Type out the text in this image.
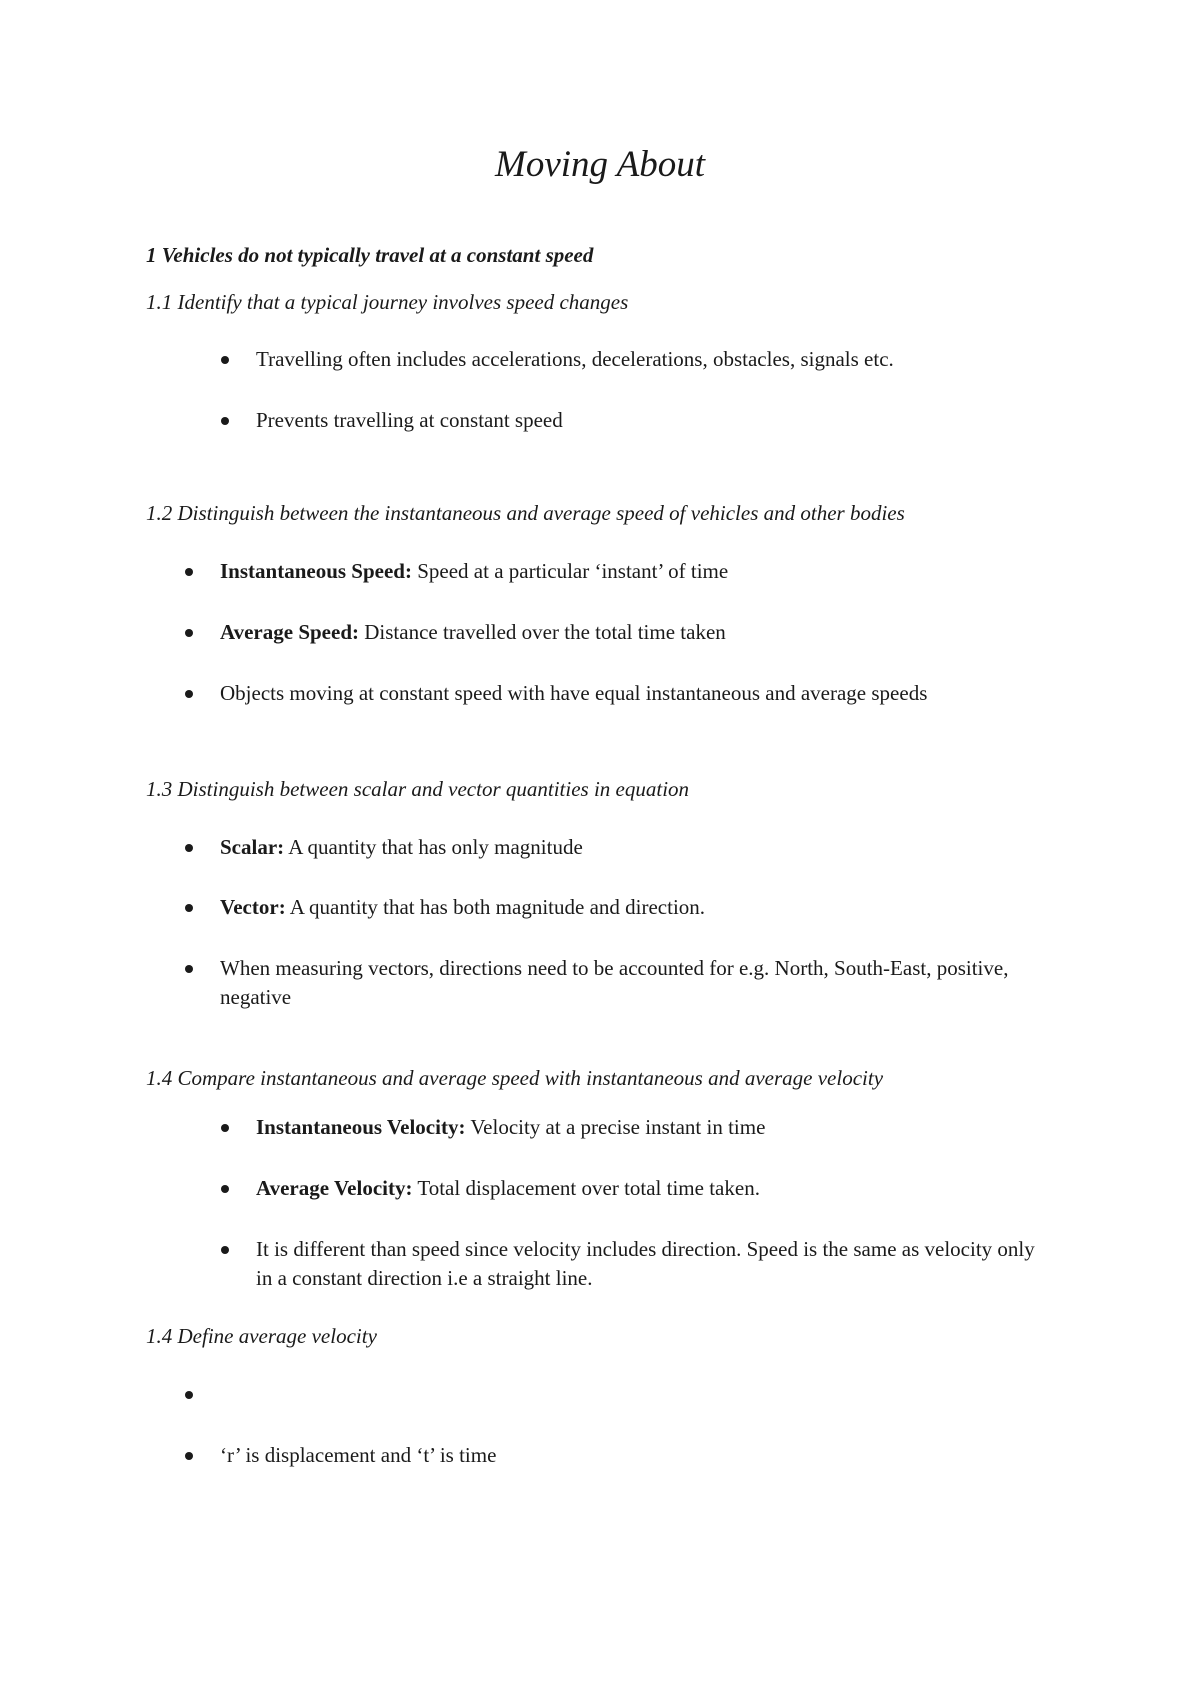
Moving About
1 Vehicles do not typically travel at a constant speed
1.1 Identify that a typical journey involves speed changes
Travelling often includes accelerations, decelerations, obstacles, signals etc.
Prevents travelling at constant speed
1.2 Distinguish between the instantaneous and average speed of vehicles and other bodies
Instantaneous Speed: Speed at a particular ‘instant’ of time
Average Speed: Distance travelled over the total time taken
Objects moving at constant speed with have equal instantaneous and average speeds
1.3 Distinguish between scalar and vector quantities in equation
Scalar: A quantity that has only magnitude
Vector: A quantity that has both magnitude and direction.
When measuring vectors, directions need to be accounted for e.g. North, South-East, positive, negative
1.4 Compare instantaneous and average speed with instantaneous and average velocity
Instantaneous Velocity: Velocity at a precise instant in time
Average Velocity: Total displacement over total time taken.
It is different than speed since velocity includes direction. Speed is the same as velocity only in a constant direction i.e a straight line.
1.4 Define average velocity
‘r’ is displacement and ‘t’ is time
